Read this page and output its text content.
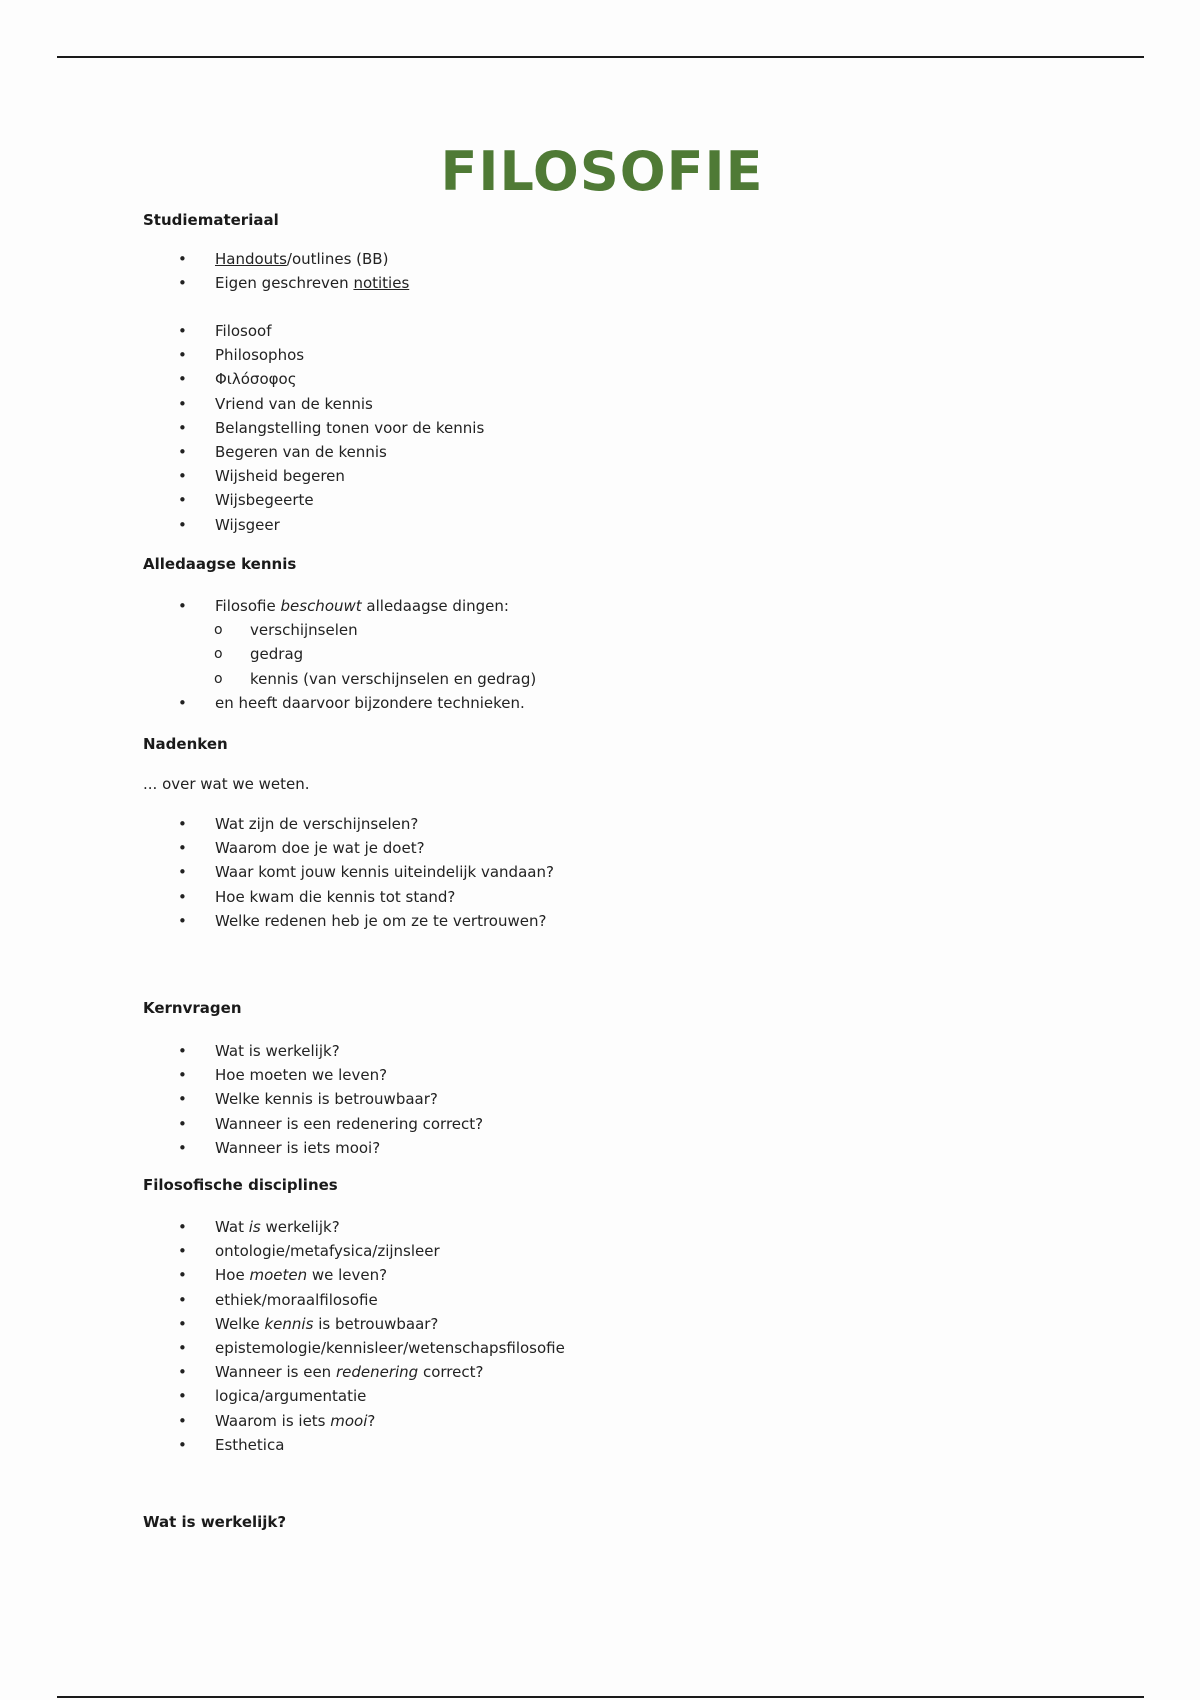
FILOSOFIE
Studiemateriaal
• Handouts/outlines (BB)
• Eigen geschreven notities
• Filosoof
• Philosophos
• Φιλόσοφος
• Vriend van de kennis
• Belangstelling tonen voor de kennis
• Begeren van de kennis
• Wijsheid begeren
• Wijsbegeerte
• Wijsgeer
Alledaagse kennis
• Filosofie beschouwt alledaagse dingen:
o verschijnselen
o gedrag
o kennis (van verschijnselen en gedrag)
• en heeft daarvoor bijzondere technieken.
Nadenken
... over wat we weten.
• Wat zijn de verschijnselen?
• Waarom doe je wat je doet?
• Waar komt jouw kennis uiteindelijk vandaan?
• Hoe kwam die kennis tot stand?
• Welke redenen heb je om ze te vertrouwen?
Kernvragen
• Wat is werkelijk?
• Hoe moeten we leven?
• Welke kennis is betrouwbaar?
• Wanneer is een redenering correct?
• Wanneer is iets mooi?
Filosofische disciplines
• Wat is werkelijk?
• ontologie/metafysica/zijnsleer
• Hoe moeten we leven?
• ethiek/moraalfilosofie
• Welke kennis is betrouwbaar?
• epistemologie/kennisleer/wetenschapsfilosofie
• Wanneer is een redenering correct?
• logica/argumentatie
• Waarom is iets mooi?
• Esthetica
Wat is werkelijk?
